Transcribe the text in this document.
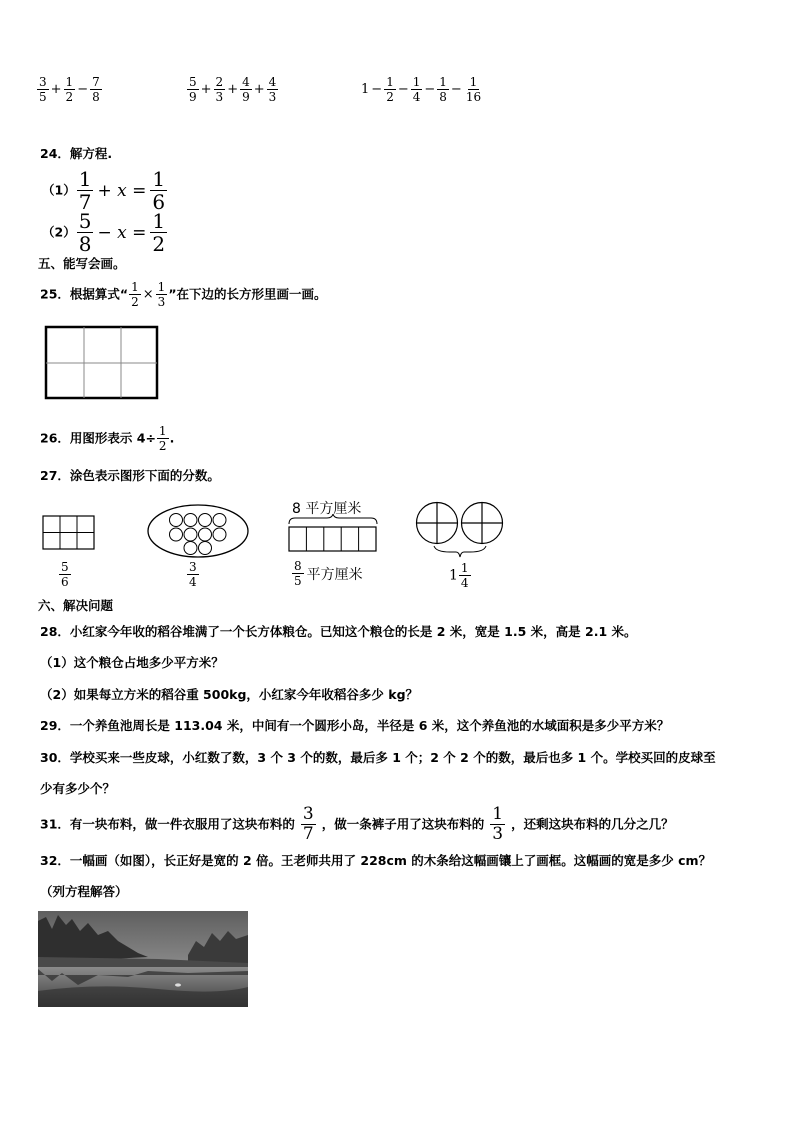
$\frac{3}{5} + \frac{1}{2} - \frac{7}{8}$	$\frac{5}{9} + \frac{2}{3} + \frac{4}{9} + \frac{4}{3}$	$1 - \frac{1}{2} - \frac{1}{4} - \frac{1}{8} - \frac{1}{16}$
24．解方程.
$(1) \frac{1}{7} + x = \frac{1}{6}$
$(2) \frac{5}{8} - x = \frac{1}{2}$
五、能写会画。
25．根据算式“ $\frac{1}{2} \times \frac{1}{3}$ ”在下边的长方形里画一画。
26．用图形表示 $4\div \frac{1}{2}$ .
27．涂色表示图形下面的分数。
$\frac{5}{6}$	$\frac{3}{4}$
8 平方厘米
$\frac{8}{5}$ 平方厘米	$1 \frac{1}{4}$
六、解决问题
28．小红家今年收的稻谷堆满了一个长方体粮仓。已知这个粮仓的长是 2 米，宽是 1.5 米，高是 2.1 米。
（1）这个粮仓占地多少平方米？
（2）如果每立方米的稻谷重 500kg，小红家今年收稻谷多少 kg？
29．一个养鱼池周长是 113.04 米，中间有一个圆形小岛，半径是 6 米，这个养鱼池的水域面积是多少平方米？
30．学校买来一些皮球，小红数了数，3 个 3 个的数，最后多 1 个；2 个 2 个的数，最后也多 1 个。学校买回的皮球至
少有多少个？
31．有一块布料，做一件衣服用了这块布料的 $\frac{3}{7}$ ，做一条裤子用了这块布料的 $\frac{1}{3}$ ，还剩这块布料的几分之几？
32．一幅画（如图），长正好是宽的 2 倍。王老师共用了 228cm 的木条给这幅画镶上了画框。这幅画的宽是多少 cm？
（列方程解答）
